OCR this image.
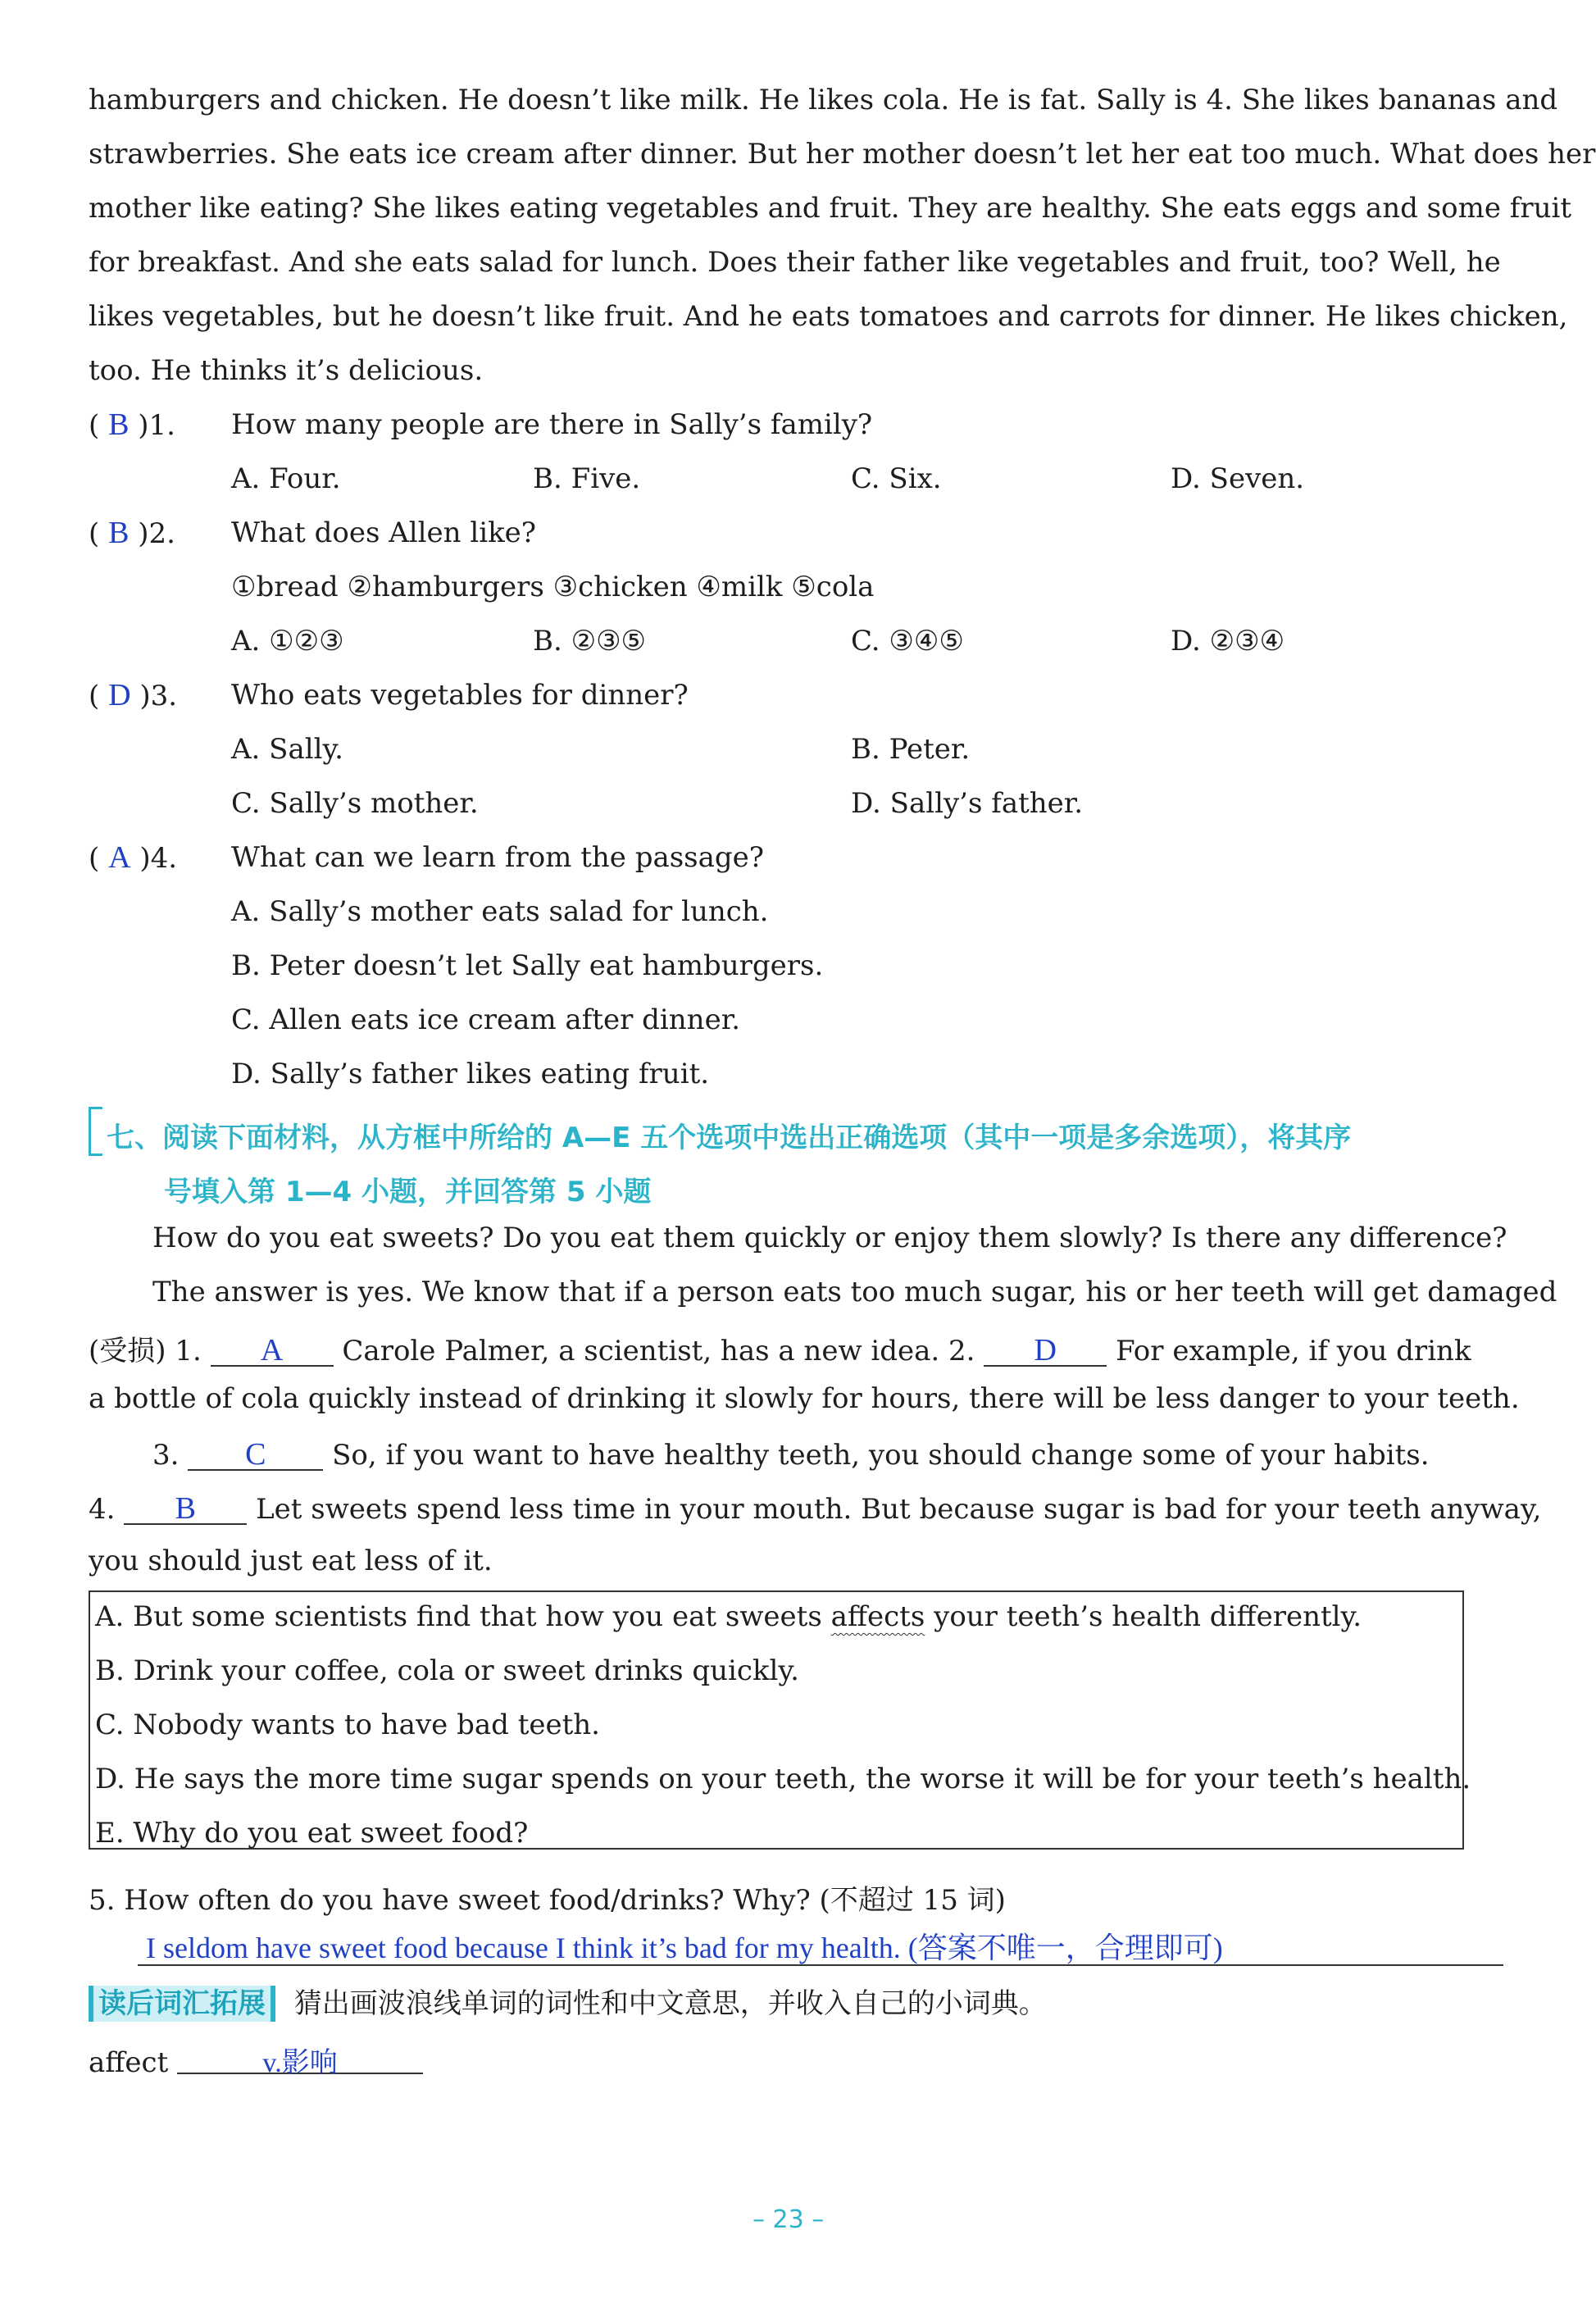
hamburgers and chicken. He doesn’t like milk. He likes cola. He is fat. Sally is 4. She likes bananas and
strawberries. She eats ice cream after dinner. But her mother doesn’t let her eat too much. What does her
mother like eating? She likes eating vegetables and fruit. They are healthy. She eats eggs and some fruit
for breakfast. And she eats salad for lunch. Does their father like vegetables and fruit, too? Well, he
likes vegetables, but he doesn’t like fruit. And he eats tomatoes and carrots for dinner. He likes chicken,
too. He thinks it’s delicious.
( B )1. How many people are there in Sally’s family?
A. Four.	B. Five.	C. Six.	D. Seven.
( B )2. What does Allen like?
①bread ②hamburgers ③chicken ④milk ⑤cola
A. ①②③	B. ②③⑤	C. ③④⑤	D. ②③④
( D )3. Who eats vegetables for dinner?
A. Sally.	B. Peter.
C. Sally’s mother.	D. Sally’s father.
( A )4. What can we learn from the passage?
A. Sally’s mother eats salad for lunch.
B. Peter doesn’t let Sally eat hamburgers.
C. Allen eats ice cream after dinner.
D. Sally’s father likes eating fruit.
七、阅读下面材料，从方框中所给的 A—E 五个选项中选出正确选项（其中一项是多余选项），将其序
号填入第 1—4 小题，并回答第 5 小题
How do you eat sweets? Do you eat them quickly or enjoy them slowly? Is there any difference?
The answer is yes. We know that if a person eats too much sugar, his or her teeth will get damaged
(受损) 1. A Carole Palmer, a scientist, has a new idea. 2. D For example, if you drink
a bottle of cola quickly instead of drinking it slowly for hours, there will be less danger to your teeth.
3. C So, if you want to have healthy teeth, you should change some of your habits.
4. B Let sweets spend less time in your mouth. But because sugar is bad for your teeth anyway,
you should just eat less of it.
A. But some scientists find that how you eat sweets affects your teeth’s health differently.
B. Drink your coffee, cola or sweet drinks quickly.
C. Nobody wants to have bad teeth.
D. He says the more time sugar spends on your teeth, the worse it will be for your teeth’s health.
E. Why do you eat sweet food?
5. How often do you have sweet food/drinks? Why? (不超过 15 词)
I seldom have sweet food because I think it’s bad for my health. (答案不唯一，合理即可)
读后词汇拓展 猜出画波浪线单词的词性和中文意思，并收入自己的小词典。
affect	v.影响
– 23 –
